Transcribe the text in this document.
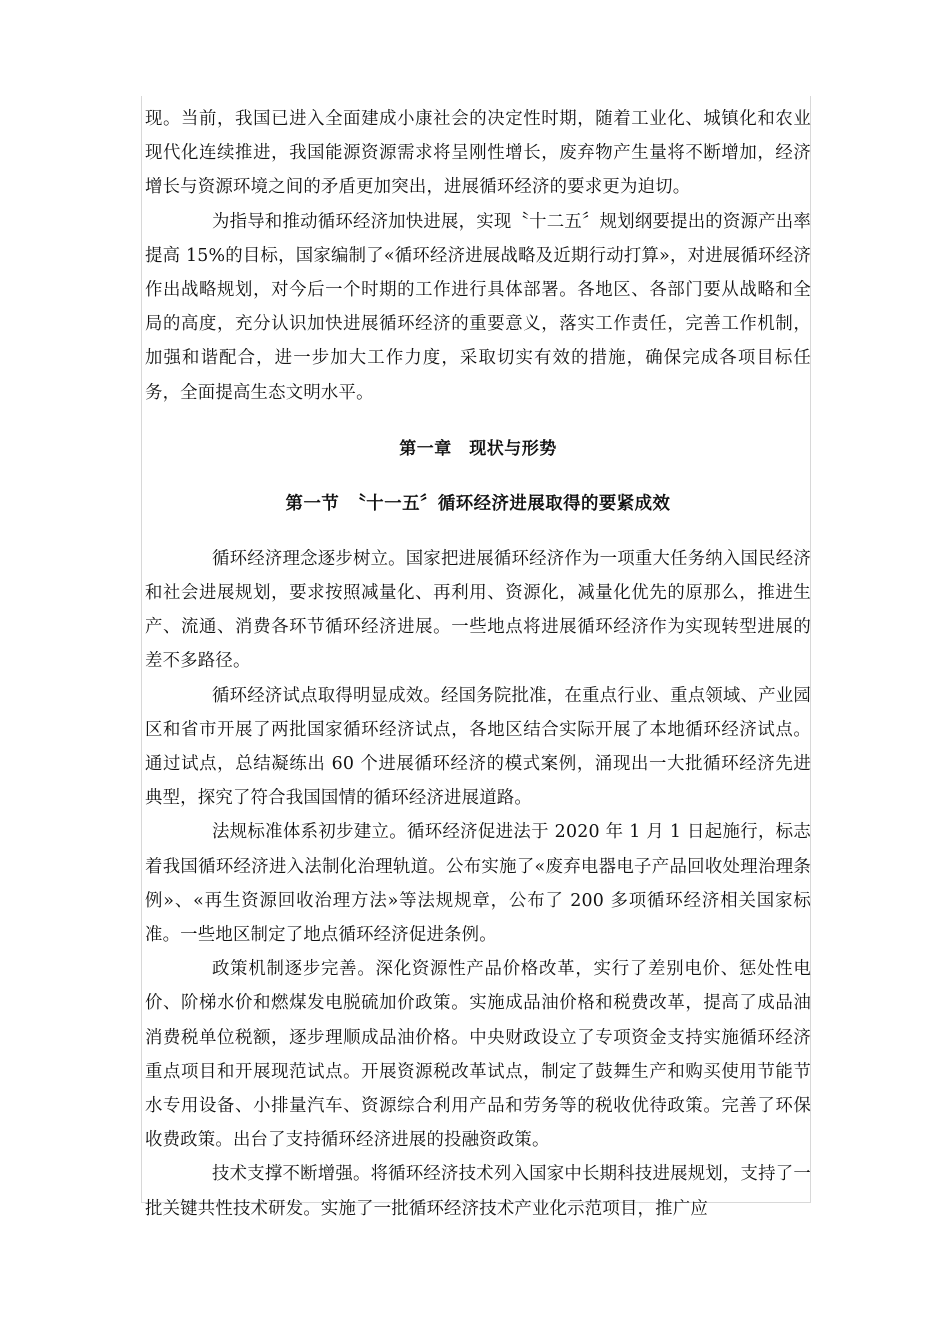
现。当前，我国已进入全面建成小康社会的决定性时期，随着工业化、城镇化和农业现代化连续推进，我国能源资源需求将呈刚性增长，废弃物产生量将不断增加，经济增长与资源环境之间的矛盾更加突出，进展循环经济的要求更为迫切。

为指导和推动循环经济加快进展，实现〝十二五〞规划纲要提出的资源产出率提高 15%的目标，国家编制了«循环经济进展战略及近期行动打算»，对进展循环经济作出战略规划，对今后一个时期的工作进行具体部署。各地区、各部门要从战略和全局的高度，充分认识加快进展循环经济的重要意义，落实工作责任，完善工作机制，加强和谐配合，进一步加大工作力度，采取切实有效的措施，确保完成各项目标任务，全面提高生态文明水平。

第一章　现状与形势
第一节　〝十一五〞循环经济进展取得的要紧成效

循环经济理念逐步树立。国家把进展循环经济作为一项重大任务纳入国民经济和社会进展规划，要求按照减量化、再利用、资源化，减量化优先的原那么，推进生产、流通、消费各环节循环经济进展。一些地点将进展循环经济作为实现转型进展的差不多路径。

循环经济试点取得明显成效。经国务院批准，在重点行业、重点领域、产业园区和省市开展了两批国家循环经济试点，各地区结合实际开展了本地循环经济试点。通过试点，总结凝练出 60 个进展循环经济的模式案例，涌现出一大批循环经济先进典型，探究了符合我国国情的循环经济进展道路。

法规标准体系初步建立。循环经济促进法于 2020 年 1 月 1 日起施行，标志着我国循环经济进入法制化治理轨道。公布实施了«废弃电器电子产品回收处理治理条例»、«再生资源回收治理方法»等法规规章，公布了 200 多项循环经济相关国家标准。一些地区制定了地点循环经济促进条例。

政策机制逐步完善。深化资源性产品价格改革，实行了差别电价、惩处性电价、阶梯水价和燃煤发电脱硫加价政策。实施成品油价格和税费改革，提高了成品油消费税单位税额，逐步理顺成品油价格。中央财政设立了专项资金支持实施循环经济重点项目和开展现范试点。开展资源税改革试点，制定了鼓舞生产和购买使用节能节水专用设备、小排量汽车、资源综合利用产品和劳务等的税收优待政策。完善了环保收费政策。出台了支持循环经济进展的投融资政策。

技术支撑不断增强。将循环经济技术列入国家中长期科技进展规划，支持了一批关键共性技术研发。实施了一批循环经济技术产业化示范项目，推广应
